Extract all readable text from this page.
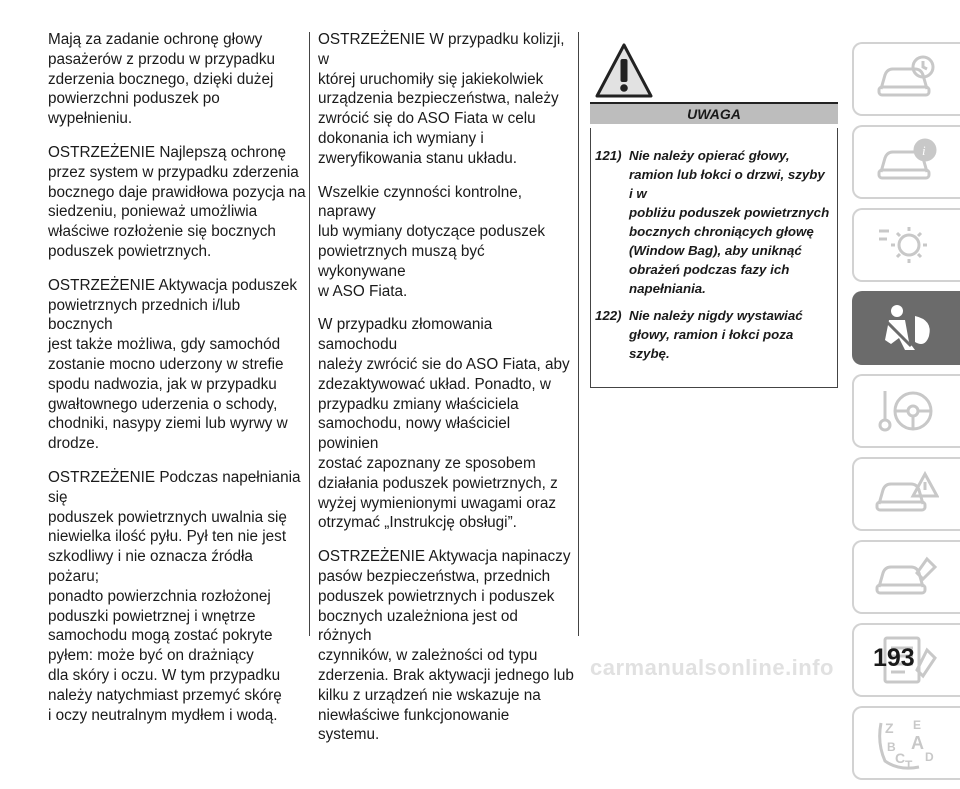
Mają za zadanie ochronę głowy
pasażerów z przodu w przypadku
zderzenia bocznego, dzięki dużej
powierzchni poduszek po wypełnieniu.

OSTRZEŻENIE Najlepszą ochronę
przez system w przypadku zderzenia
bocznego daje prawidłowa pozycja na
siedzeniu, ponieważ umożliwia
właściwe rozłożenie się bocznych
poduszek powietrznych.

OSTRZEŻENIE Aktywacja poduszek
powietrznych przednich i/lub bocznych
jest także możliwa, gdy samochód
zostanie mocno uderzony w strefie
spodu nadwozia, jak w przypadku
gwałtownego uderzenia o schody,
chodniki, nasypy ziemi lub wyrwy w
drodze.

OSTRZEŻENIE Podczas napełniania się
poduszek powietrznych uwalnia się
niewielka ilość pyłu. Pył ten nie jest
szkodliwy i nie oznacza źródła pożaru;
ponadto powierzchnia rozłożonej
poduszki powietrznej i wnętrze
samochodu mogą zostać pokryte
pyłem: może być on drażniący
dla skóry i oczu. W tym przypadku
należy natychmiast przemyć skórę
i oczy neutralnym mydłem i wodą.

OSTRZEŻENIE W przypadku kolizji, w
której uruchomiły się jakiekolwiek
urządzenia bezpieczeństwa, należy
zwrócić się do ASO Fiata w celu
dokonania ich wymiany i
zweryfikowania stanu układu.

Wszelkie czynności kontrolne, naprawy
lub wymiany dotyczące poduszek
powietrznych muszą być wykonywane
w ASO Fiata.

W przypadku złomowania samochodu
należy zwrócić sie do ASO Fiata, aby
zdezaktywować układ. Ponadto, w
przypadku zmiany właściciela
samochodu, nowy właściciel powinien
zostać zapoznany ze sposobem
działania poduszek powietrznych, z
wyżej wymienionymi uwagami oraz
otrzymać „Instrukcję obsługi”.

OSTRZEŻENIE Aktywacja napinaczy
pasów bezpieczeństwa, przednich
poduszek powietrznych i poduszek
bocznych uzależniona jest od różnych
czynników, w zależności od typu
zderzenia. Brak aktywacji jednego lub
kilku z urządzeń nie wskazuje na
niewłaściwe funkcjonowanie systemu.

UWAGA
121) Nie należy opierać głowy,
ramion lub łokci o drzwi, szyby i w
pobliżu poduszek powietrznych
bocznych chroniących głowę
(Window Bag), aby uniknąć
obrażeń podczas fazy ich
napełniania.
122) Nie należy nigdy wystawiać
głowy, ramion i łokci poza szybę.
i
Z E
B A
C T
D
193
carmanualsonline.info
